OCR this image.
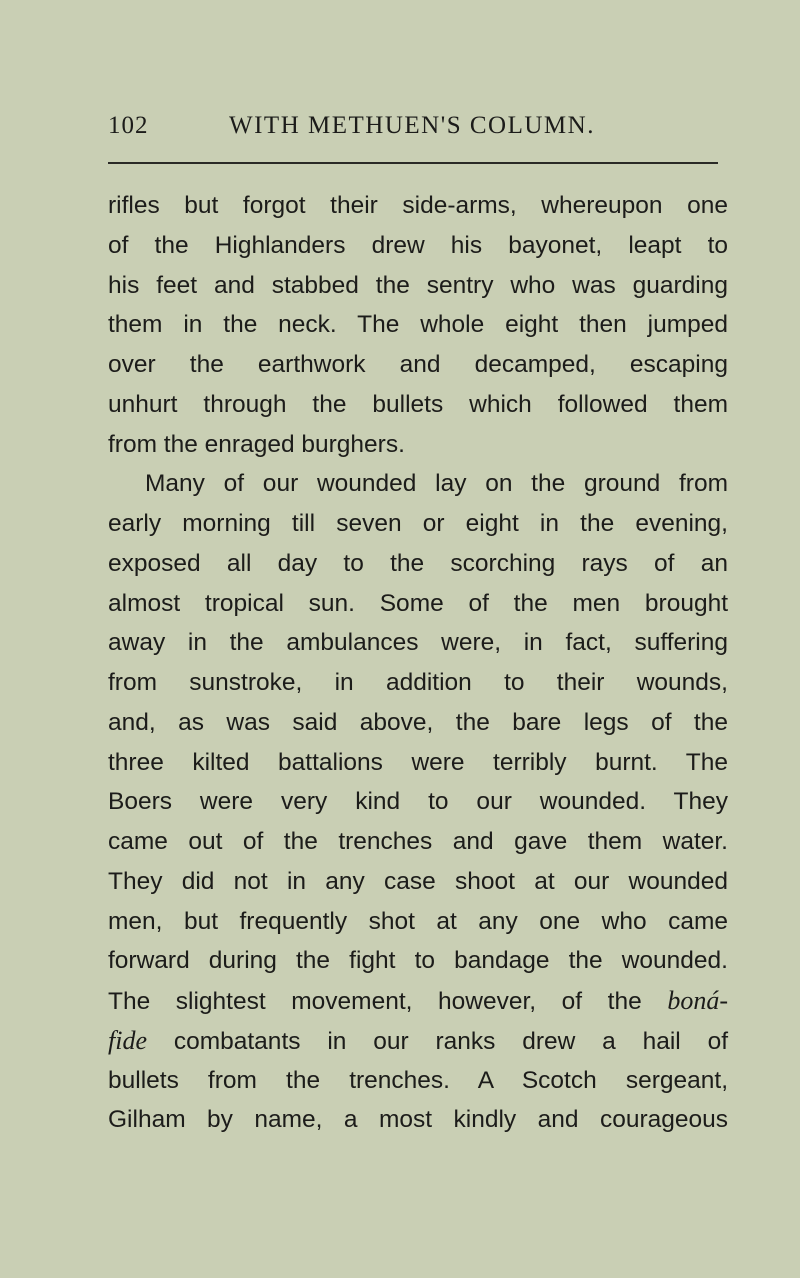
102	WITH METHUEN'S COLUMN.
rifles but forgot their side-arms, whereupon one
of the Highlanders drew his bayonet, leapt to
his feet and stabbed the sentry who was guarding
them in the neck. The whole eight then jumped
over the earthwork and decamped, escaping
unhurt through the bullets which followed them
from the enraged burghers.
Many of our wounded lay on the ground from
early morning till seven or eight in the evening,
exposed all day to the scorching rays of an
almost tropical sun. Some of the men brought
away in the ambulances were, in fact, suffering
from sunstroke, in addition to their wounds,
and, as was said above, the bare legs of the
three kilted battalions were terribly burnt. The
Boers were very kind to our wounded. They
came out of the trenches and gave them water.
They did not in any case shoot at our wounded
men, but frequently shot at any one who came
forward during the fight to bandage the wounded.
The slightest movement, however, of the boná-
fide combatants in our ranks drew a hail of
bullets from the trenches. A Scotch sergeant,
Gilham by name, a most kindly and courageous
